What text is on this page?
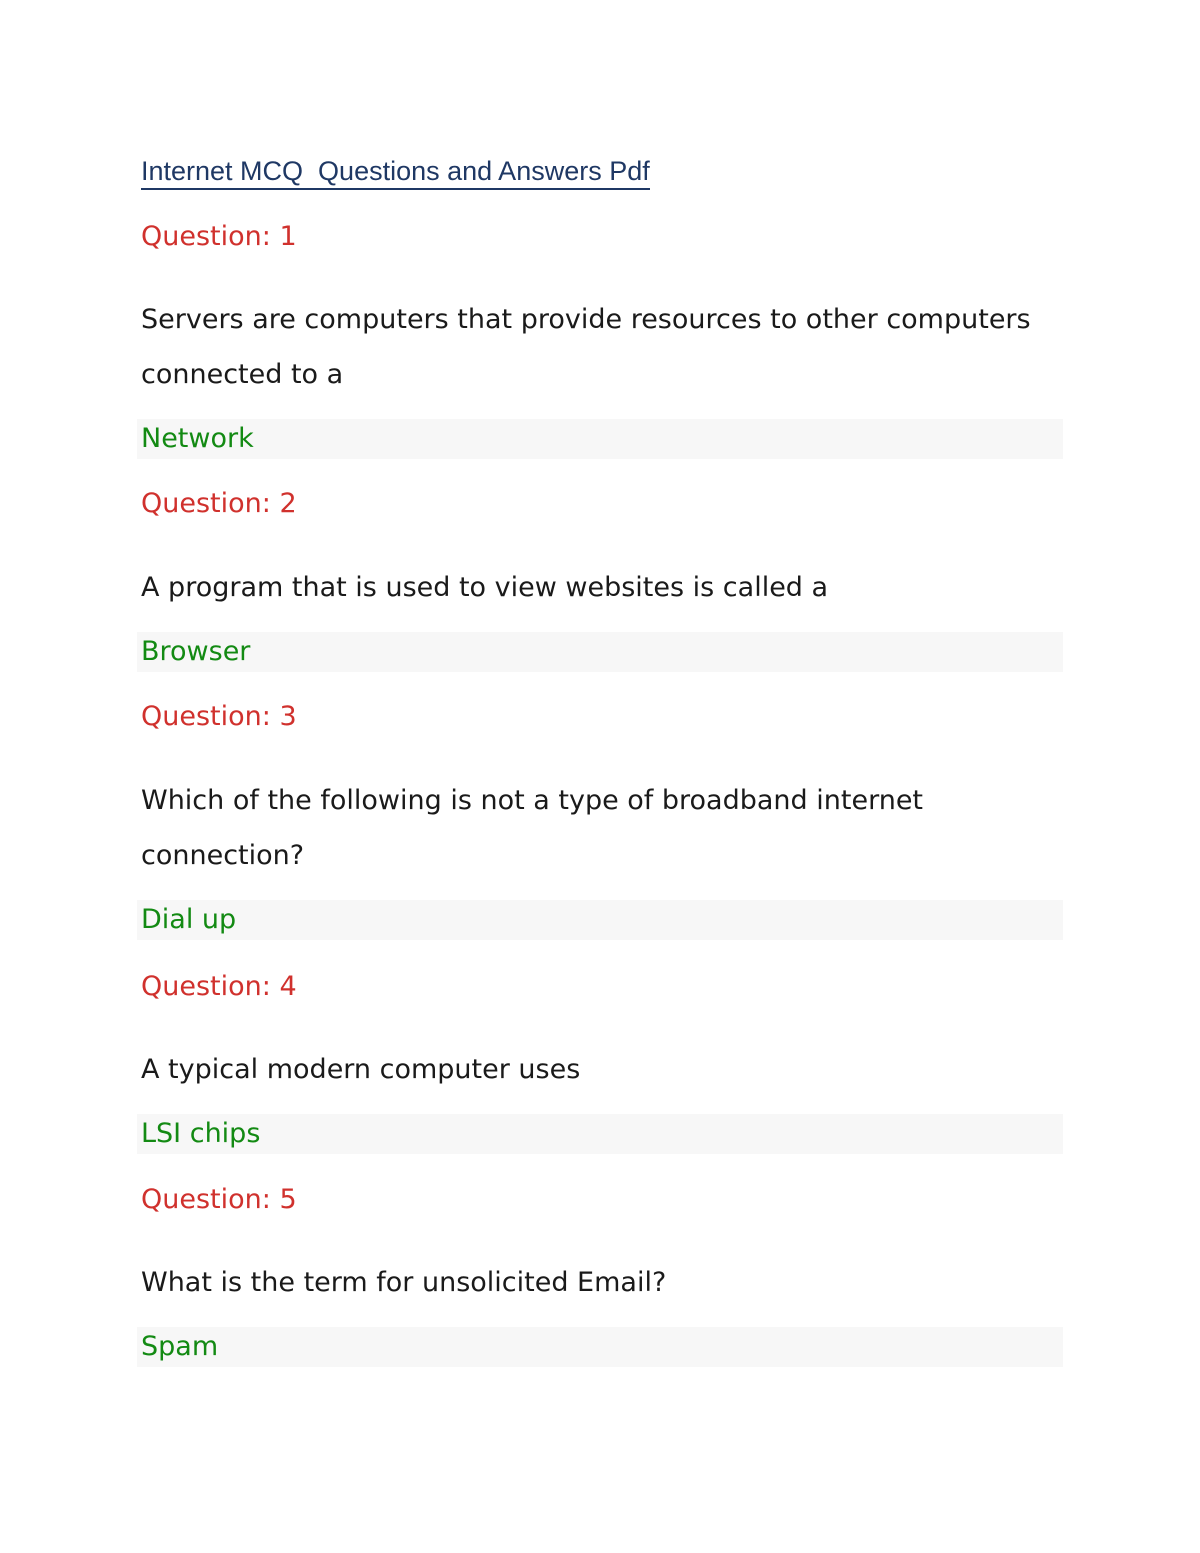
Internet MCQ  Questions and Answers Pdf
Question: 1
Servers are computers that provide resources to other computers connected to a
Network
Question: 2
A program that is used to view websites is called a
Browser
Question: 3
Which of the following is not a type of broadband internet connection?
Dial up
Question: 4
A typical modern computer uses
LSI chips
Question: 5
What is the term for unsolicited Email?
Spam
